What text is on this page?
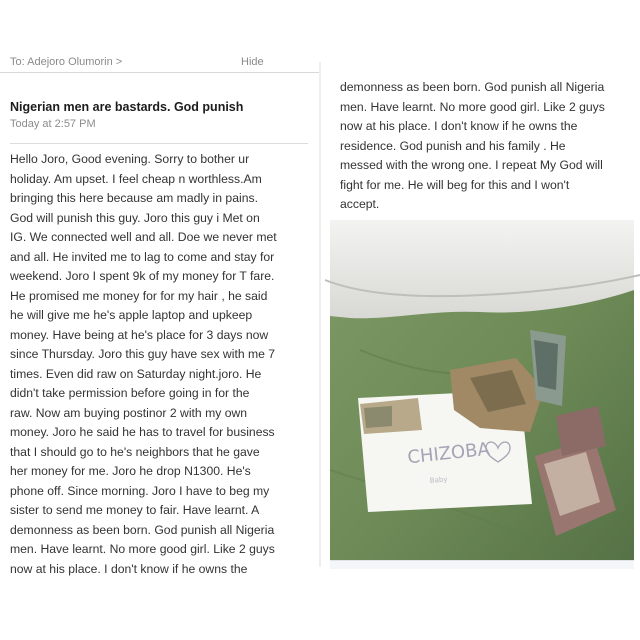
To: Adejoro Olumorin >	Hide
Nigerian men are bastards. God punish
Today at 2:57 PM
Hello Joro, Good evening. Sorry to bother ur
holiday. Am upset. I feel cheap n worthless.Am
bringing this here because am madly in pains.
God will punish this guy. Joro this guy i Met on
IG. We connected well and all. Doe we never met
and all. He invited me to lag to come and stay for
weekend. Joro I spent 9k of my money for T fare.
He promised me money for for my hair , he said
he will give me he's apple laptop and upkeep
money. Have being at he's place for 3 days now
since Thursday. Joro this guy have sex with me 7
times. Even did raw on Saturday night.joro. He
didn't take permission before going in for the
raw. Now am buying postinor 2 with my own
money. Joro he said he has to travel for business
that I should go to he's neighbors that he gave
her money for me. Joro he drop N1300. He's
phone off. Since morning. Joro I have to beg my
sister to send me money to fair. Have learnt. A
demonness as been born. God punish all Nigeria
men. Have learnt. No more good girl. Like 2 guys
now at his place. I don't know if he owns the
demonness as been born. God punish all Nigeria
men. Have learnt. No more good girl. Like 2 guys
now at his place. I don't know if he owns the
residence. God punish and his family . He
messed with the wrong one. I repeat My God will
fight for me. He will beg for this and I won't
accept.
CHIZOBA
Baby
